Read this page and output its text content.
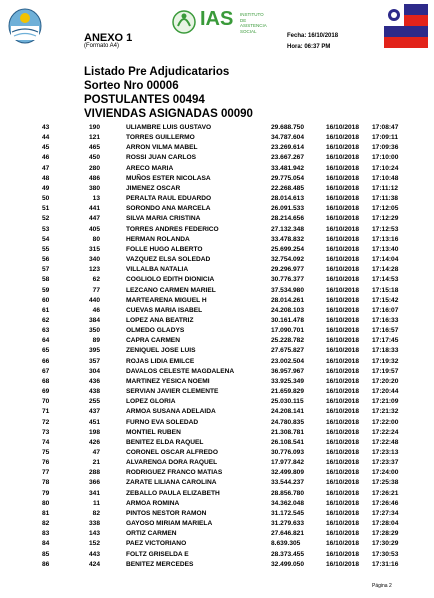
IAS INSTITUTO
DE ASISTENCIA
SOCIAL
ANEXO 1
(Formato A4)
Fecha: 16/10/2018
Hora: 06:37 PM
Listado Pre Adjudicatarios
Sorteo Nro 00006
POSTULANTES 00494
VIVIENDAS ASIGNADAS 00090
43	190	ULIAMBRE LUIS GUSTAVO	29.688.750	16/10/2018 17:08:47
44	121	TORRES GUILLERMO	34.787.604	16/10/2018 17:09:11
45	465	ARRON VILMA MABEL	23.269.614	16/10/2018 17:09:36
46	450	ROSSI JUAN CARLOS	23.667.267	16/10/2018 17:10:00
47	280	ARECO MARIA	33.481.942	16/10/2018 17:10:24
48	486	MUÑOS ESTER NICOLASA	29.775.054	16/10/2018 17:10:48
49	380	JIMENEZ OSCAR	22.268.485	16/10/2018 17:11:12
50	13	PERALTA RAUL EDUARDO	28.014.613	16/10/2018 17:11:38
51	441	SORONDO ANA MARCELA	26.091.533	16/10/2018 17:12:05
52	447	SILVA MARIA CRISTINA	28.214.656	16/10/2018 17:12:29
53	405	TORRES ANDRES FEDERICO	27.132.348	16/10/2018 17:12:53
54	80	HERMAN ROLANDA	33.478.832	16/10/2018 17:13:16
55	315	FOLLE HUGO ALBERTO	25.699.254	16/10/2018 17:13:40
56	340	VAZQUEZ ELSA SOLEDAD	32.754.092	16/10/2018 17:14:04
57	123	VILLALBA NATALIA	29.296.977	16/10/2018 17:14:28
58	62	COGLIOLO EDITH DIONICIA	30.776.377	16/10/2018 17:14:53
59	77	LEZCANO CARMEN MARIEL	37.534.980	16/10/2018 17:15:18
60	440	MARTEARENA MIGUEL H	28.014.261	16/10/2018 17:15:42
61	46	CUEVAS MARIA ISABEL	24.208.103	16/10/2018 17:16:07
62	384	LOPEZ ANA BEATRIZ	30.161.478	16/10/2018 17:16:33
63	350	OLMEDO GLADYS	17.090.701	16/10/2018 17:16:57
64	89	CAPRA CARMEN	25.228.782	16/10/2018 17:17:45
65	395	ZENIQUEL JOSE LUIS	27.675.827	16/10/2018 17:18:33
66	357	ROJAS LIDIA EMILCE	23.002.504	16/10/2018 17:19:32
67	304	DAVALOS CELESTE MAGDALENA	36.957.967	16/10/2018 17:19:57
68	436	MARTINEZ YESICA NOEMI	33.925.349	16/10/2018 17:20:20
69	438	SERVIAN JAVIER CLEMENTE	21.659.829	16/10/2018 17:20:44
70	255	LOPEZ GLORIA	25.030.115	16/10/2018 17:21:09
71	437	ARMOA SUSANA ADELAIDA	24.208.141	16/10/2018 17:21:32
72	451	FURNO EVA SOLEDAD	24.780.835	16/10/2018 17:22:00
73	198	MONTIEL RUBEN	21.308.781	16/10/2018 17:22:24
74	426	BENITEZ ELDA RAQUEL	26.108.541	16/10/2018 17:22:48
75	47	CORONEL OSCAR ALFREDO	30.776.093	16/10/2018 17:23:13
76	21	ALVARENGA DORA RAQUEL	17.977.842	16/10/2018 17:23:37
77	288	RODRIGUEZ FRANCO MATIAS	32.499.809	16/10/2018 17:24:00
78	366	ZARATE LILIANA CAROLINA	33.544.237	16/10/2018 17:25:38
79	341	ZEBALLO PAULA ELIZABETH	28.856.780	16/10/2018 17:26:21
80	11	ARMOA ROMINA	34.362.048	16/10/2018 17:26:46
81	82	PINTOS NESTOR RAMON	31.172.545	16/10/2018 17:27:34
82	338	GAYOSO MIRIAM MARIELA	31.279.633	16/10/2018 17:28:04
83	143	ORTIZ CARMEN	27.646.821	16/10/2018 17:28:29
84	152	PAEZ VICTORIANO	8.639.305	16/10/2018 17:30:29
85	443	FOLTZ GRISELDA E	28.373.455	16/10/2018 17:30:53
86	424	BENITEZ MERCEDES	32.499.050	16/10/2018 17:31:16
Página 2
